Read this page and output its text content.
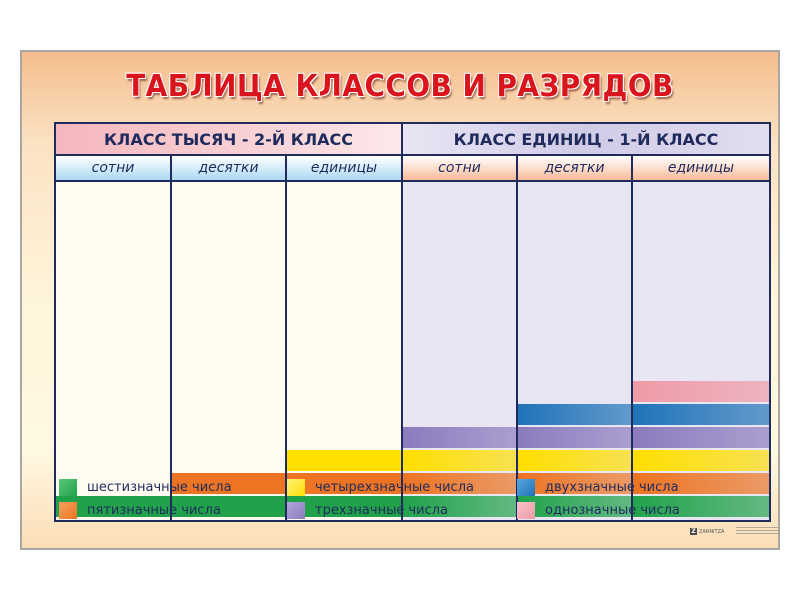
ТАБЛИЦА КЛАССОВ И РАЗРЯДОВ
КЛАСС ТЫСЯЧ - 2-Й КЛАСС	КЛАСС ЕДИНИЦ - 1-Й КЛАСС
сотни	десятки	единицы	сотни	десятки	единицы
шестизначные числа
пятизначные числа
четырехзначные числа
трехзначные числа
двухзначные числа
однозначные числа
Z ZARNITZA
